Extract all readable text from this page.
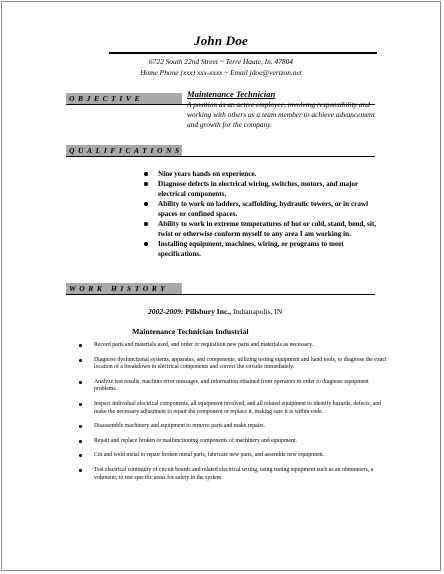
John Doe
6722 South 22nd Street ~ Terre Haute, In. 47804
Home Phone (xxx) xxx-xxxx ~ Email jdoe@verizon.net
OBJECTIVE	Maintenance Technician
A position as an active employee, involving responsibility and working with others as a team member to achieve advancement and growth for the company.
QUALIFICATIONS
Nine years hands on experience.
Diagnose defects in electrical wiring, switches, motors, and major electrical components.
Ability to work on ladders, scaffolding, hydraulic towers, or in crawl spaces or confined spaces.
Ability to work in extreme temperatures of hot or cold, stand, bend, sit, twist or otherwise conform myself to any area I am working in.
Installing equipment, machines, wiring, or programs to meet specifications.
WORK HISTORY
2002-2009: Pillsbury Inc., Indianapolis, IN
Maintenance Technician Industrial
Record parts and materials used, and order or requisition new parts and materials as necessary.
Diagnose dysfunctional systems, apparatus, and components, utilizing testing equipment and hand tools, to diagnose the exact location of a breakdown in electrical components and correct the circuits immediately.
Analyze test results, machine error messages, and information obtained from operators in order to diagnose equipment problems.
Inspect individual electrical components, all equipment involved, and all related equipment to identify hazards, defects, and make the necessary adjustment to repair the component or replace it, making sure it is within code.
Disassemble machinery and equipment to remove parts and make repairs.
Repair and replace broken or malfunctioning components of machinery and equipment.
Cut and weld metal to repair broken metal parts, fabricate new parts, and assemble new equipment.
Test electrical continuity of circuit boards and related electrical wiring, using testing equipment such as an ohmmeters, a voltmeter, to test specific areas for safety in the system.
